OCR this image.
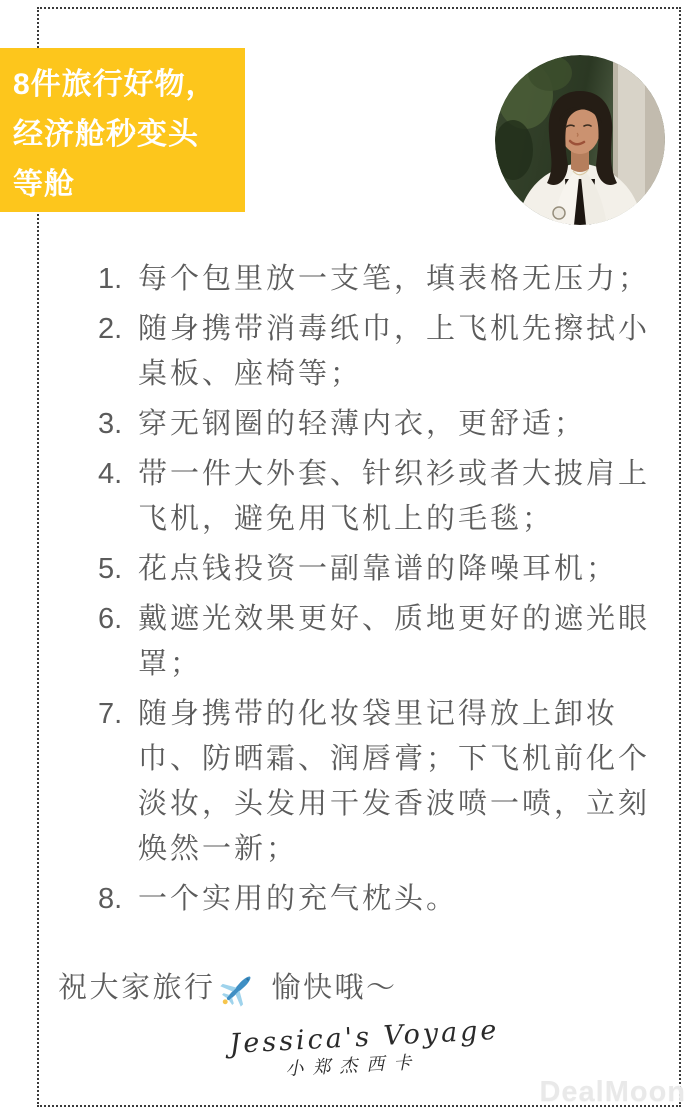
8件旅行好物，
经济舱秒变头
等舱
1. 每个包里放一支笔，填表格无压力；
2. 随身携带消毒纸巾，上飞机先擦拭小桌板、座椅等；
3. 穿无钢圈的轻薄内衣，更舒适；
4. 带一件大外套、针织衫或者大披肩上飞机，避免用飞机上的毛毯；
5. 花点钱投资一副靠谱的降噪耳机；
6. 戴遮光效果更好、质地更好的遮光眼罩；
7. 随身携带的化妆袋里记得放上卸妆巾、防晒霜、润唇膏；下飞机前化个淡妆，头发用干发香波喷一喷，立刻焕然一新；
8. 一个实用的充气枕头。
祝大家旅行 愉快哦～
Jessica's Voyage
小郑杰西卡
DealMoon
